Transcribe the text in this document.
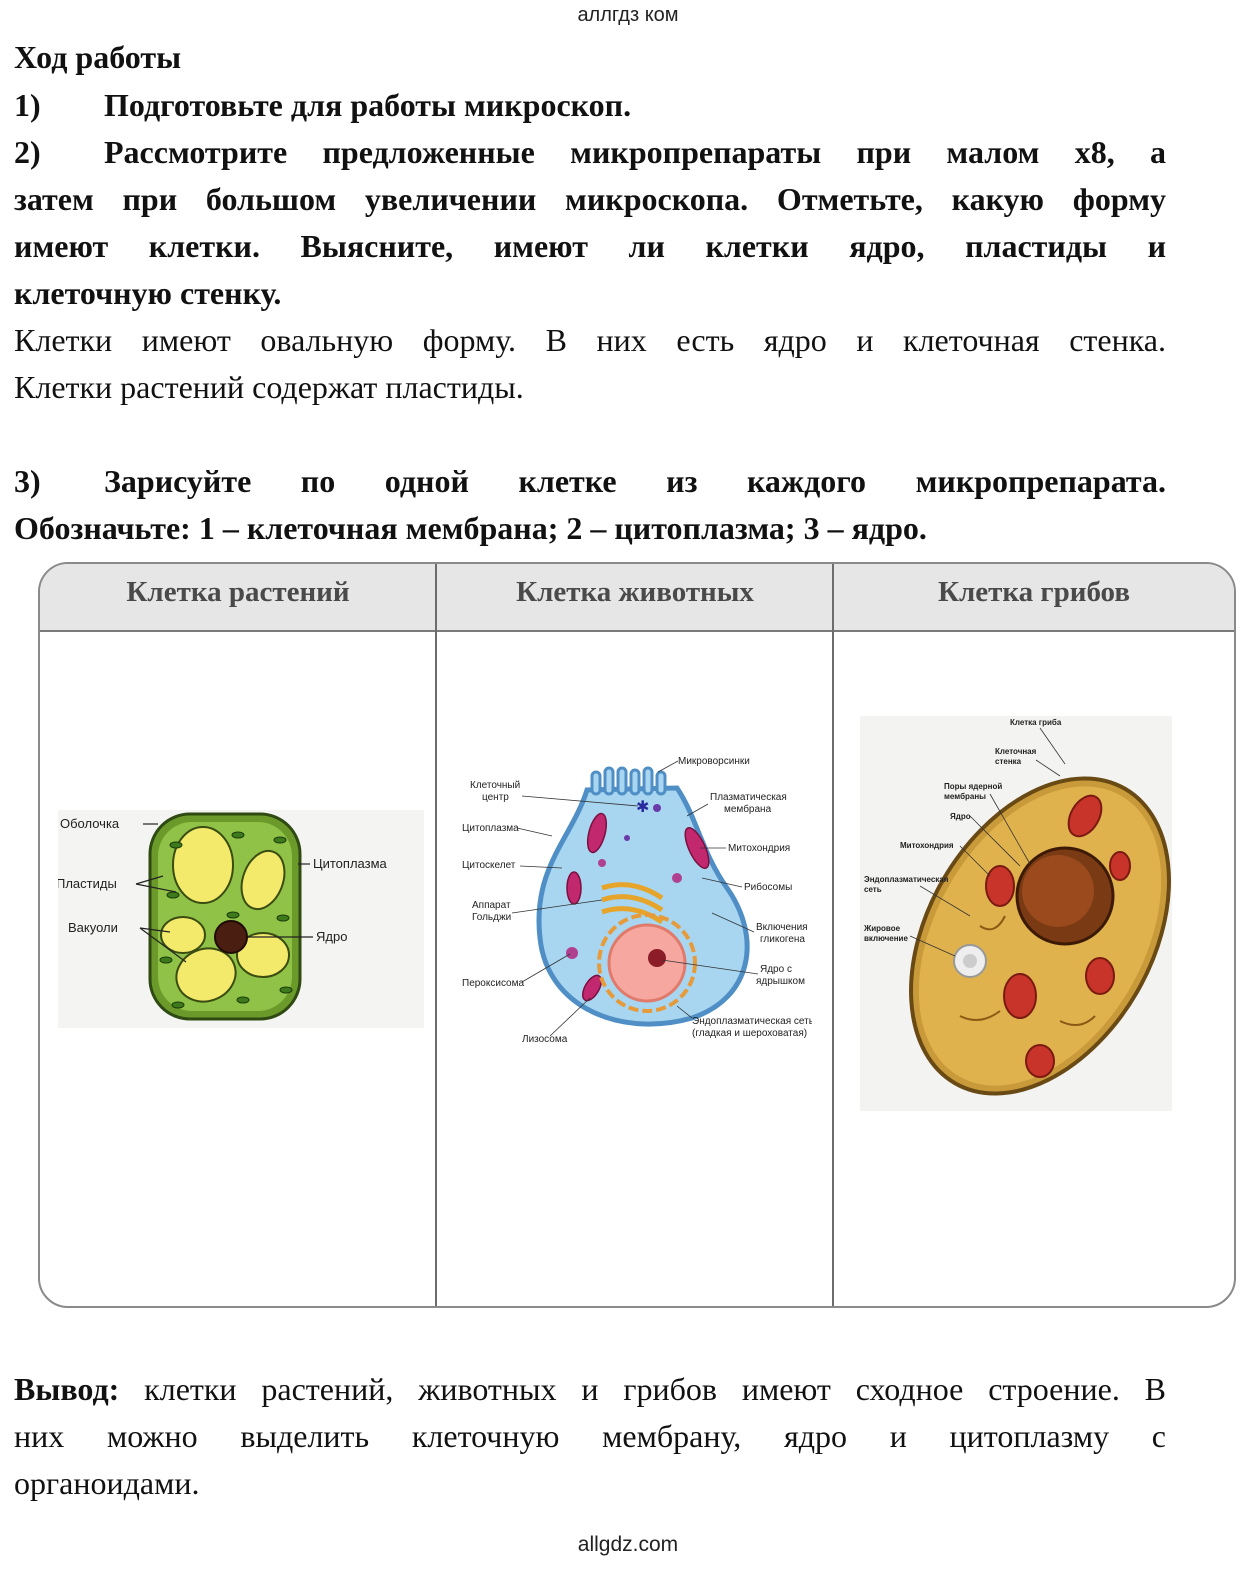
аллгдз ком
Ход работы
1)	Подготовьте для работы микроскоп.
2)	Рассмотрите предложенные микропрепараты при малом х8, а
затем при большом увеличении микроскопа. Отметьте, какую форму
имеют клетки. Выясните, имеют ли клетки ядро, пластиды и
клеточную стенку.
Клетки имеют овальную форму. В них есть ядро и клеточная стенка.
Клетки растений содержат пластиды.
3)	Зарисуйте по одной клетке из каждого микропрепарата.
Обозначьте: 1 – клеточная мембрана; 2 – цитоплазма; 3 – ядро.
Клетка растений	Клетка животных	Клетка грибов
Оболочка
Пластиды
Вакуоли
Цитоплазма
Ядро
✱
Клеточный
центр
Микроворсинки
Плазматическая
мембрана
Цитоплазма
Митохондрия
Цитоскелет
Рибосомы
Аппарат
Гольджи
Включения
гликогена
Ядро с
ядрышком
Пероксисома
Эндоплазматическая сеть
(гладкая и шероховатая)
Лизосома
Клетка гриба
Клеточная
стенка
Поры ядерной
мембраны
Ядро
Митохондрия
Эндоплазматическая
сеть
Жировое
включение
Вывод: клетки растений, животных и грибов имеют сходное строение. В
них можно выделить клеточную мембрану, ядро и цитоплазму с
органоидами.
allgdz.com
